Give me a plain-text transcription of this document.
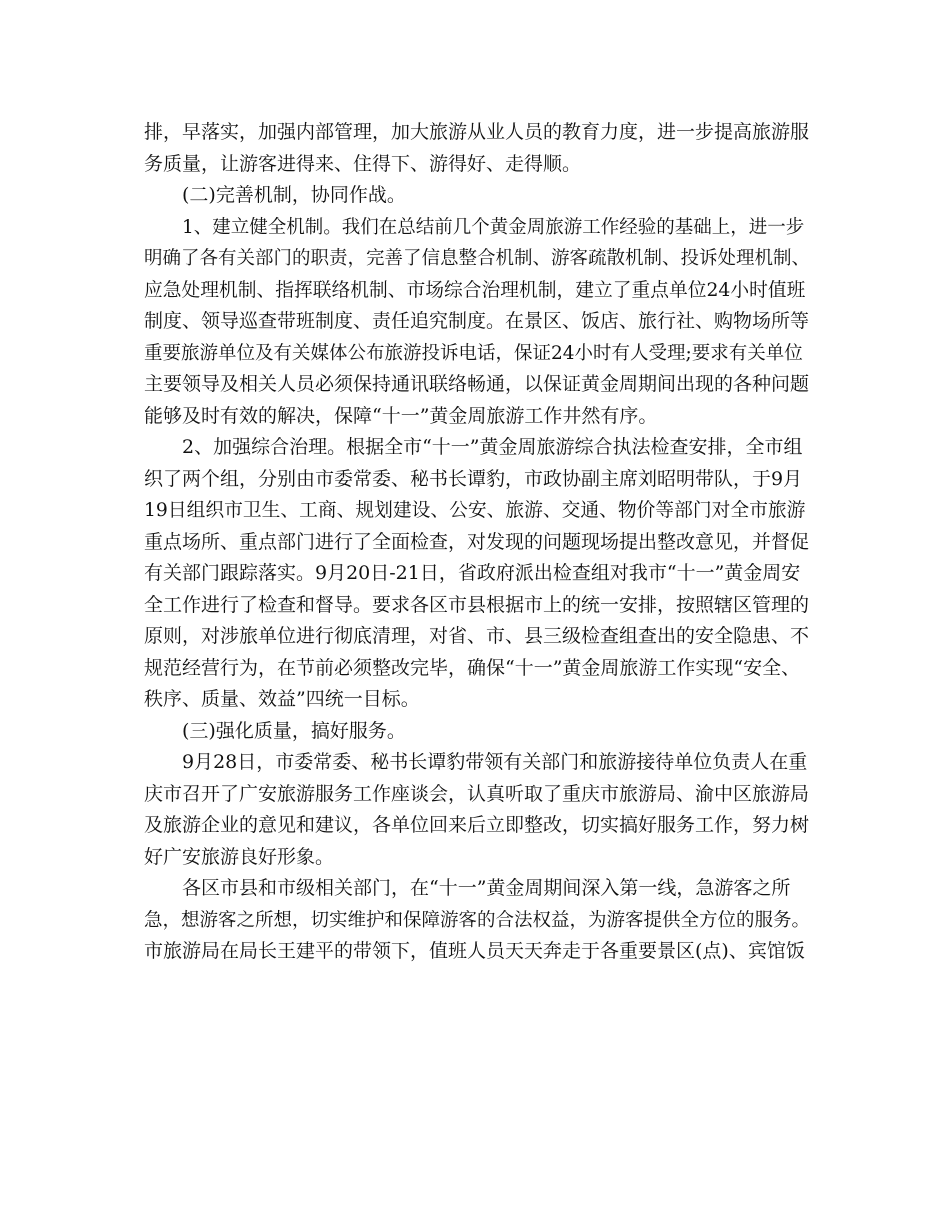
排，早落实，加强内部管理，加大旅游从业人员的教育力度，进一步提高旅游服
务质量，让游客进得来、住得下、游得好、走得顺。
(二)完善机制，协同作战。
1、建立健全机制。我们在总结前几个黄金周旅游工作经验的基础上，进一步
明确了各有关部门的职责，完善了信息整合机制、游客疏散机制、投诉处理机制、
应急处理机制、指挥联络机制、市场综合治理机制，建立了重点单位24小时值班
制度、领导巡查带班制度、责任追究制度。在景区、饭店、旅行社、购物场所等
重要旅游单位及有关媒体公布旅游投诉电话，保证24小时有人受理;要求有关单位
主要领导及相关人员必须保持通讯联络畅通，以保证黄金周期间出现的各种问题
能够及时有效的解决，保障“十一”黄金周旅游工作井然有序。
2、加强综合治理。根据全市“十一”黄金周旅游综合执法检查安排，全市组
织了两个组，分别由市委常委、秘书长谭豹，市政协副主席刘昭明带队，于9月
19日组织市卫生、工商、规划建设、公安、旅游、交通、物价等部门对全市旅游
重点场所、重点部门进行了全面检查，对发现的问题现场提出整改意见，并督促
有关部门跟踪落实。9月20日-21日，省政府派出检查组对我市“十一”黄金周安
全工作进行了检查和督导。要求各区市县根据市上的统一安排，按照辖区管理的
原则，对涉旅单位进行彻底清理，对省、市、县三级检查组查出的安全隐患、不
规范经营行为，在节前必须整改完毕，确保“十一”黄金周旅游工作实现“安全、
秩序、质量、效益”四统一目标。
(三)强化质量，搞好服务。
9月28日，市委常委、秘书长谭豹带领有关部门和旅游接待单位负责人在重
庆市召开了广安旅游服务工作座谈会，认真听取了重庆市旅游局、渝中区旅游局
及旅游企业的意见和建议，各单位回来后立即整改，切实搞好服务工作，努力树
好广安旅游良好形象。
各区市县和市级相关部门，在“十一”黄金周期间深入第一线，急游客之所
急，想游客之所想，切实维护和保障游客的合法权益，为游客提供全方位的服务。
市旅游局在局长王建平的带领下，值班人员天天奔走于各重要景区(点)、宾馆饭
